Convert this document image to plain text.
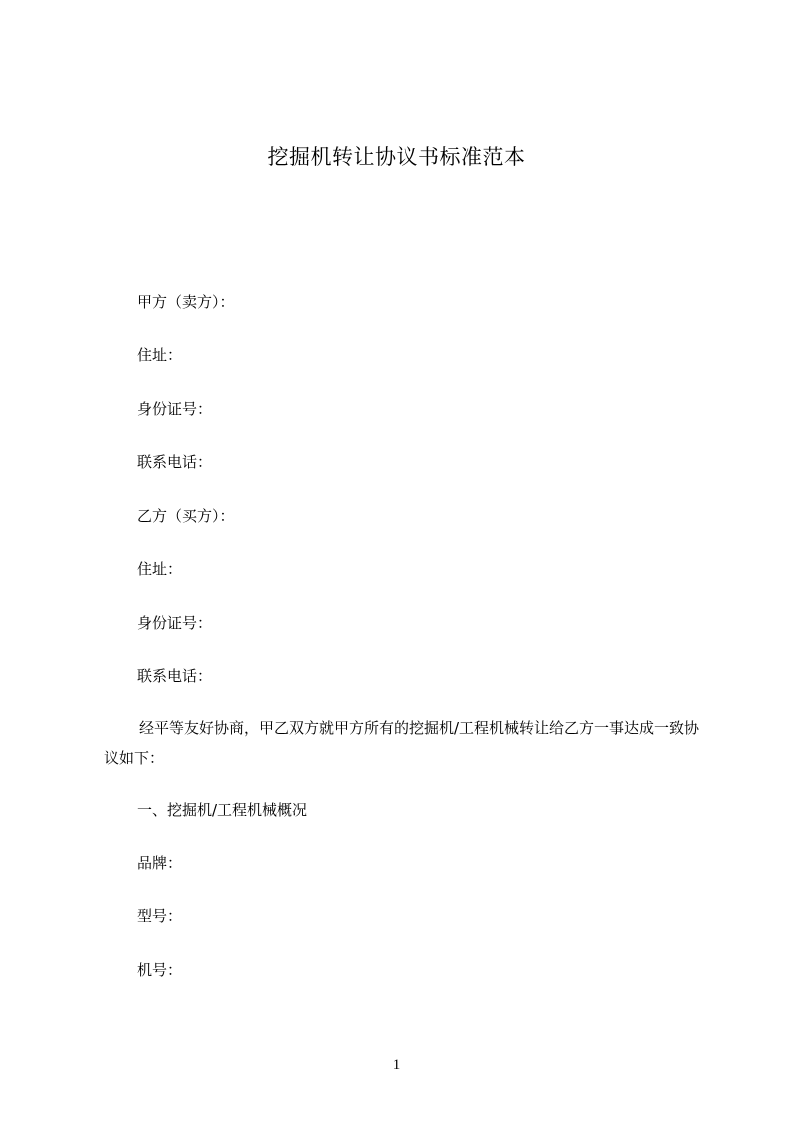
挖掘机转让协议书标准范本
甲方（卖方）：
住址：
身份证号：
联系电话：
乙方（买方）：
住址：
身份证号：
联系电话：
经平等友好协商，甲乙双方就甲方所有的挖掘机/工程机械转让给乙方一事达成一致协议如下：
一、挖掘机/工程机械概况
品牌：
型号：
机号：
1
